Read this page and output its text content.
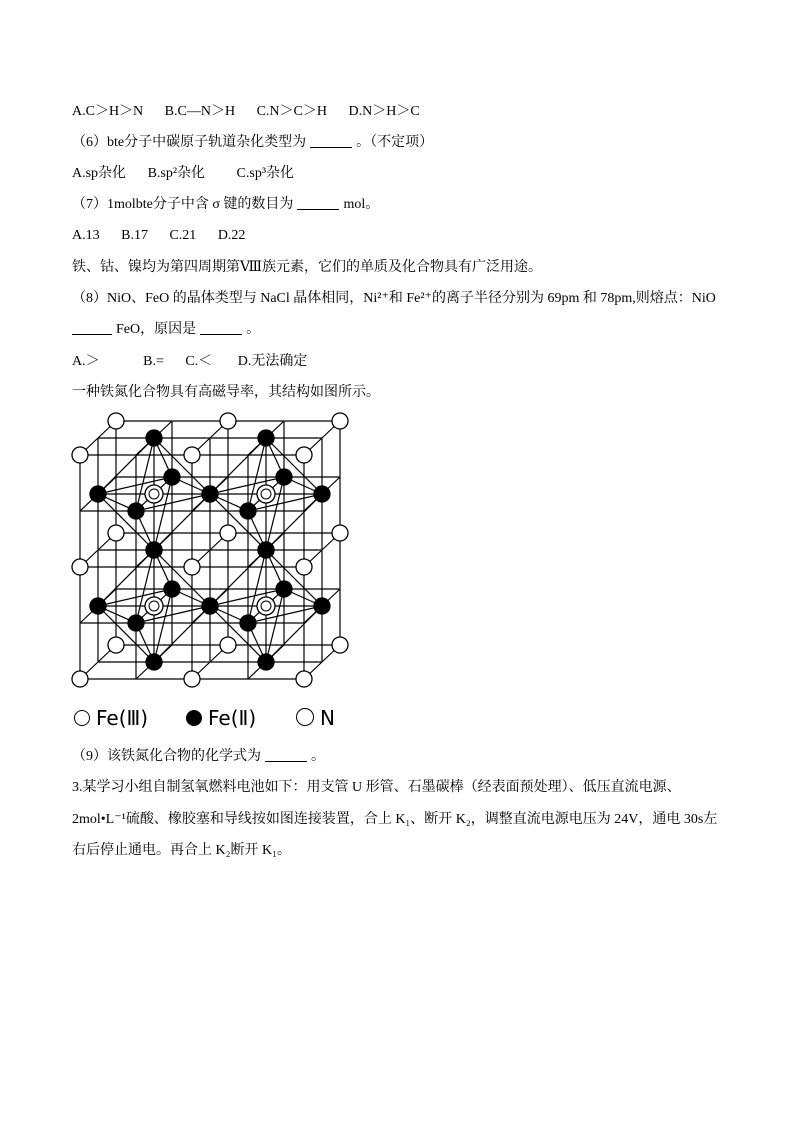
A.C＞H＞N B.C—N＞H C.N＞C＞H D.N＞H＞C
（6）bte分子中碳原子轨道杂化类型为	。（不定项）
A.sp杂化 B.sp²杂化 C.sp³杂化
（7）1molbte分子中含 σ 键的数目为	mol。
A.13 B.17 C.21 D.22
铁、钴、镍均为第四周期第Ⅷ族元素，它们的单质及化合物具有广泛用途。
（8）NiO、FeO 的晶体类型与 NaCl 晶体相同，Ni²⁺和 Fe²⁺的离子半径分别为 69pm 和 78pm,则熔点：NiO
FeO，原因是	。
A.＞	B.= C.＜ D.无法确定
一种铁氮化合物具有高磁导率，其结构如图所示。
Fe(Ⅲ)	Fe(Ⅱ)	N
（9）该铁氮化合物的化学式为	。
3.某学习小组自制氢氧燃料电池如下：用支管 U 形管、石墨碳棒（经表面预处理）、低压直流电源、
2mol•L⁻¹硫酸、橡胶塞和导线按如图连接装置，合上 K₁、断开 K₂，调整直流电源电压为 24V，通电 30s左
右后停止通电。再合上 K₂断开 K₁。
